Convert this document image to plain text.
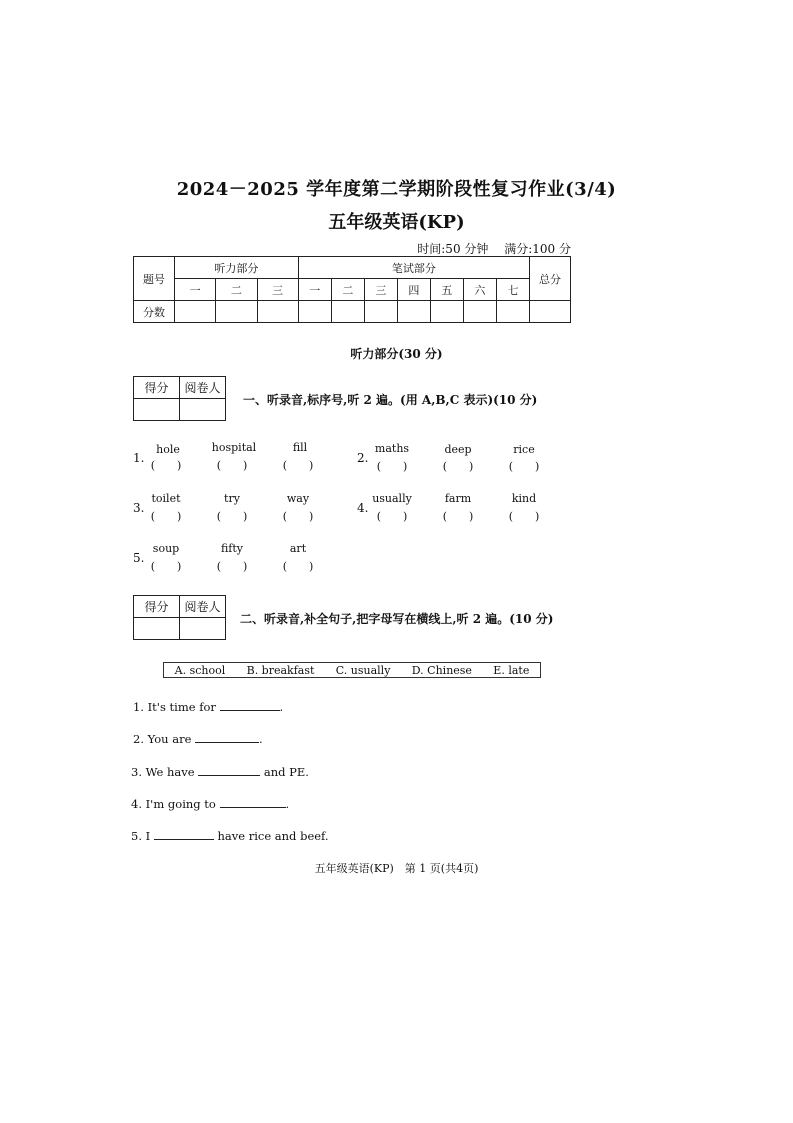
2024－2025 学年度第二学期阶段性复习作业(3/4)
五年级英语(KP)
时间:50 分钟 满分:100 分
题号	听力部分			笔试部分							总分
	一	二	三	一	二	三	四	五	六	七	
分数											
听力部分(30 分)
得分	阅卷人

一、听录音,标序号,听 2 遍。(用 A,B,C 表示)(10 分)
1.
hole	hospital	fill
(　　)	(　　)	(　　)
2.
maths	deep	rice
(　　)	(　　)	(　　)
3.
toilet	try	way
(　　)	(　　)	(　　)
4.
usually	farm	kind
(　　)	(　　)	(　　)
5.
soup	fifty	art
(　　)	(　　)	(　　)
得分	阅卷人

二、听录音,补全句子,把字母写在横线上,听 2 遍。(10 分)
A. school B. breakfast C. usually D. Chinese E. late
1. It's time for	.
2. You are	.
3. We have	and PE.
4. I'm going to	.
5. I	have rice and beef.
五年级英语(KP)　第 1 页(共4页)
